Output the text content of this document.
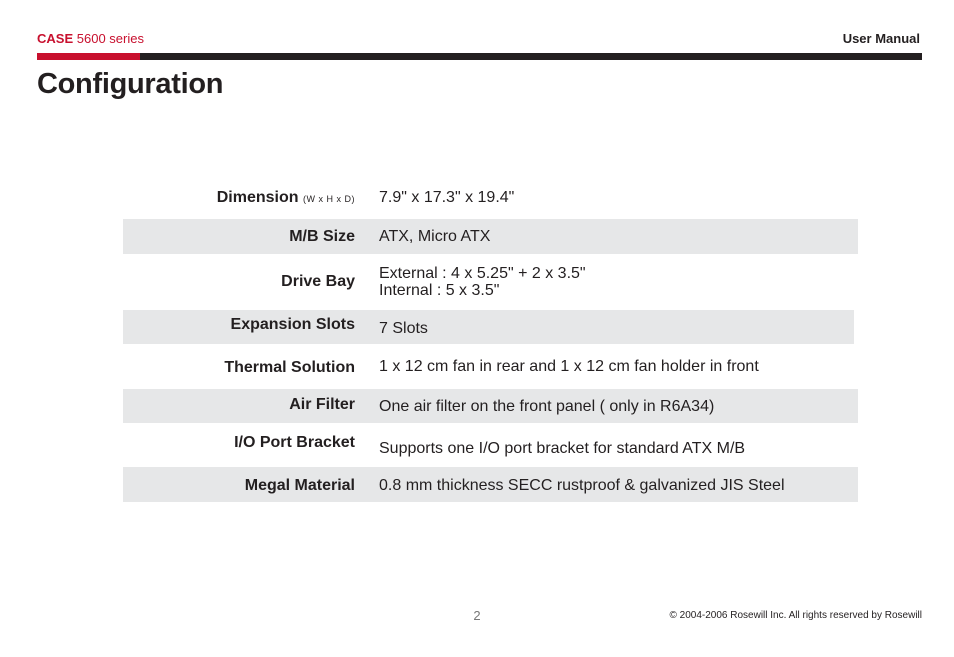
CASE 5600 series	User Manual
Configuration
Dimension (W x H x D) 7.9" x 17.3" x 19.4"
M/B Size ATX, Micro ATX
Drive Bay External : 4 x 5.25" + 2 x 3.5"
Internal : 5 x 3.5"
Expansion Slots 7 Slots
Thermal Solution 1 x 12 cm fan in rear and 1 x 12 cm fan holder in front
Air Filter One air filter on the front panel ( only in R6A34)
I/O Port Bracket Supports one I/O port bracket for standard ATX M/B
Megal Material 0.8 mm thickness SECC rustproof & galvanized JIS Steel
2	© 2004-2006 Rosewill Inc. All rights reserved by Rosewill
